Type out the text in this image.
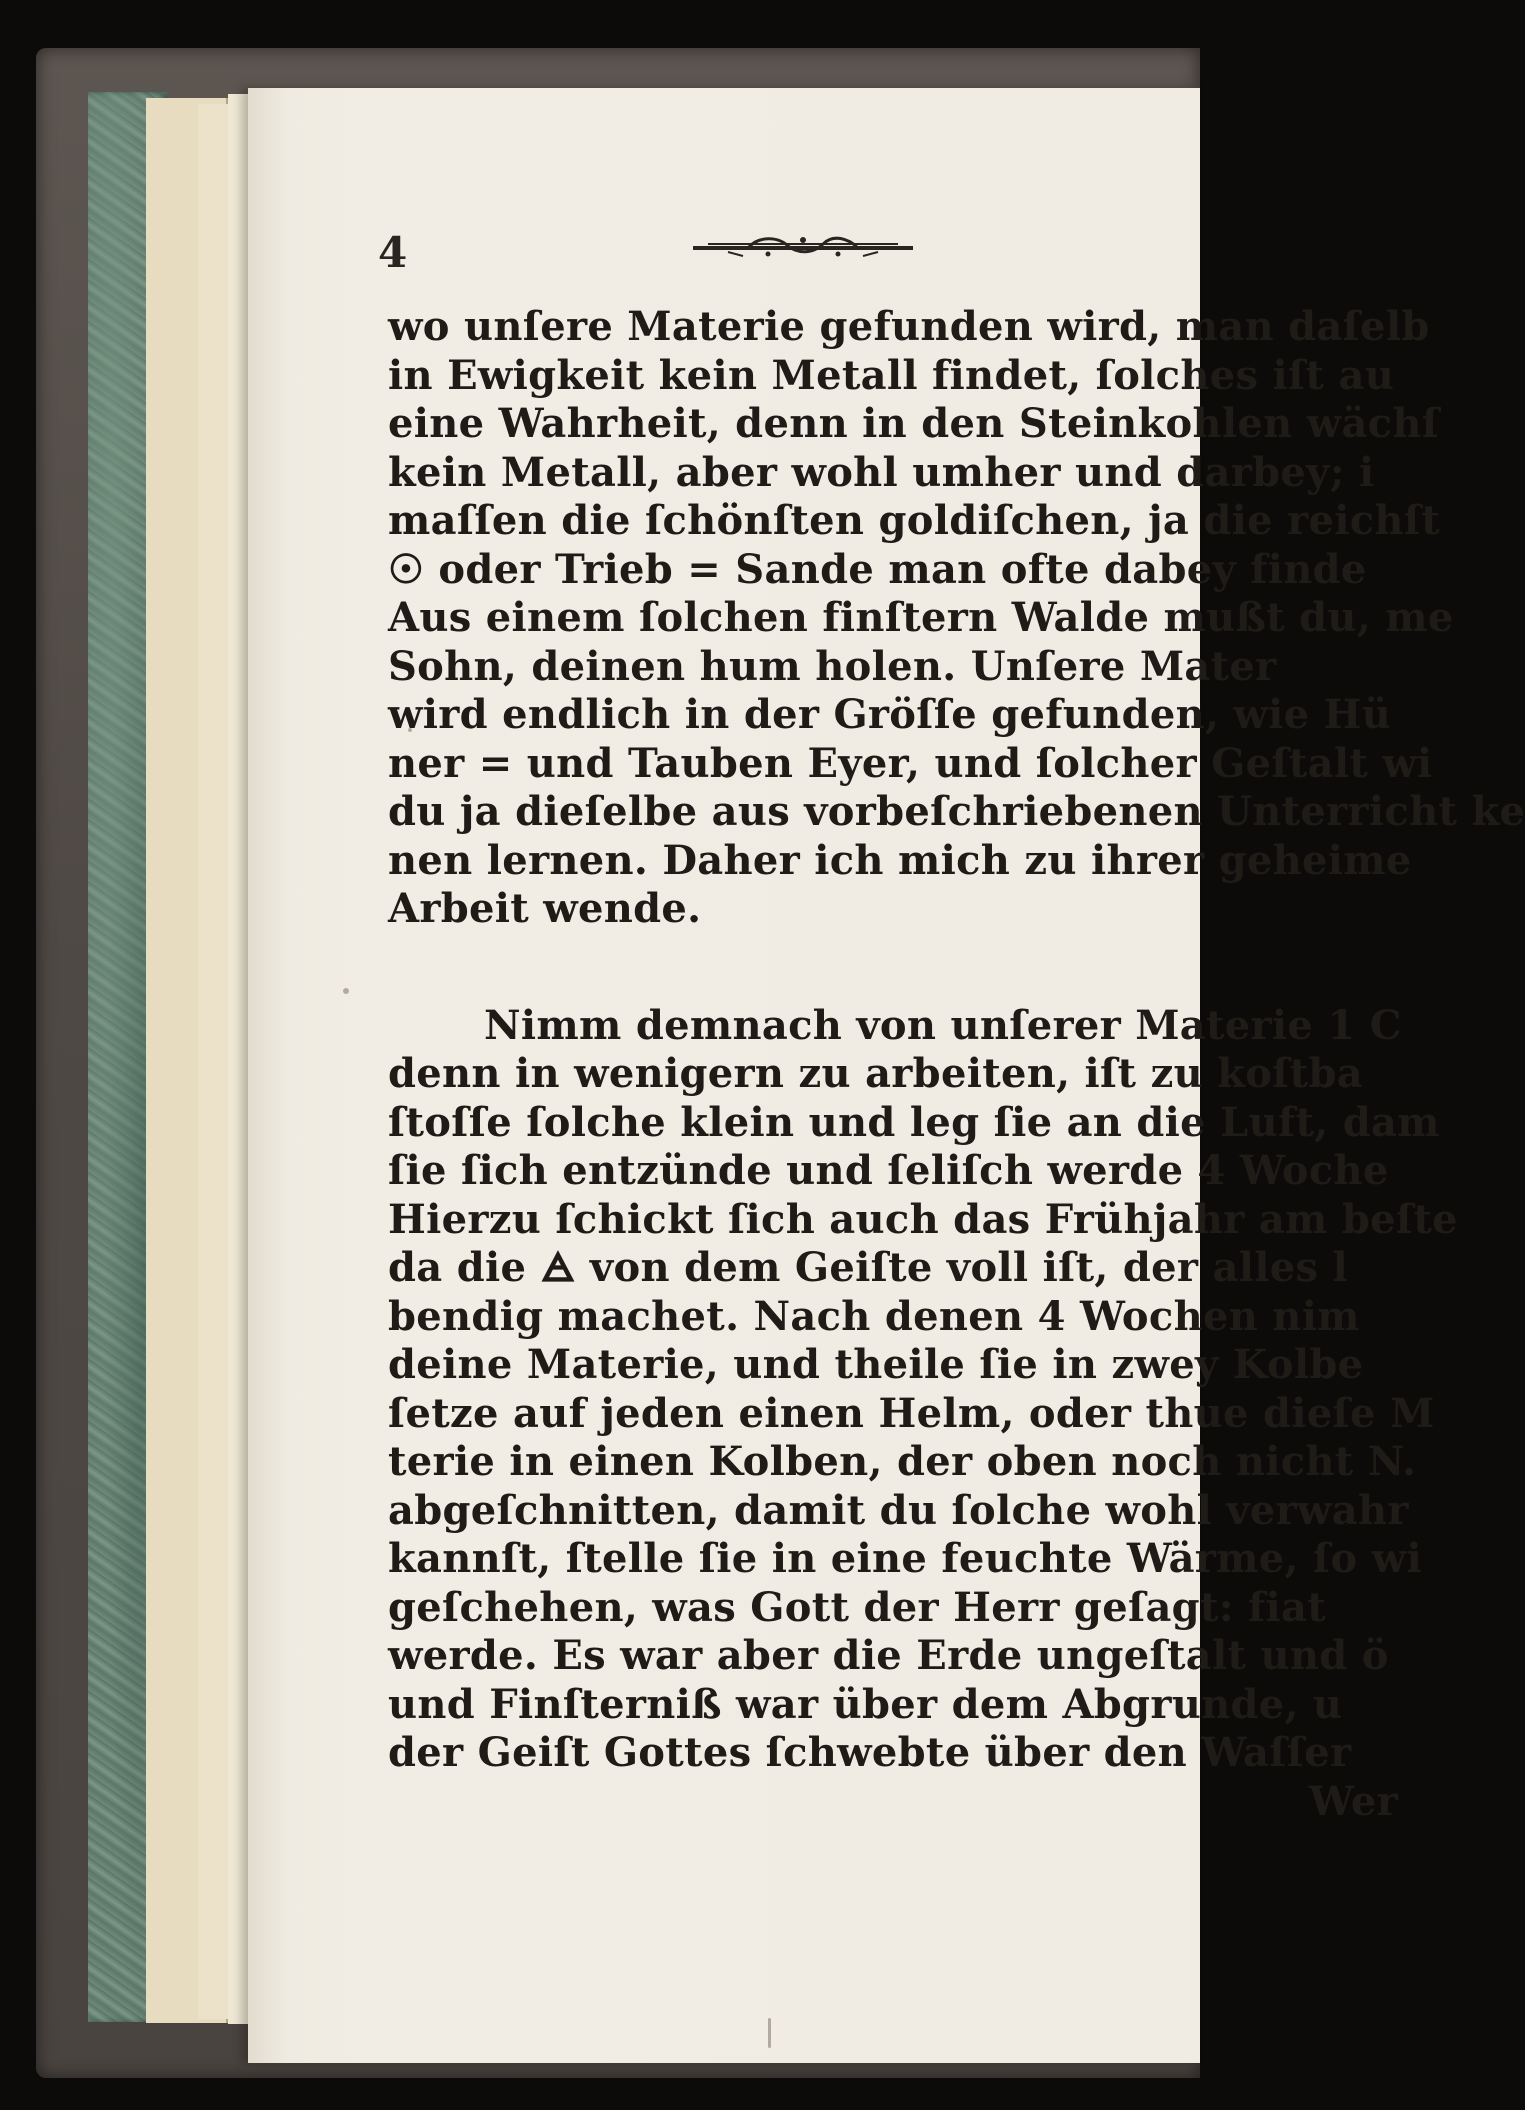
4
wo unſere Materie gefunden wird, man daſelb
in Ewigkeit kein Metall findet, ſolches iſt au
eine Wahrheit, denn in den Steinkohlen wächſ
kein Metall, aber wohl umher und darbey; i
maſſen die ſchönſten goldiſchen, ja die reichſt
☉ oder Trieb = Sande man ofte dabey finde
Aus einem ſolchen finſtern Walde mußt du, me
Sohn, deinen hum holen. Unſere Mater
wird endlich in der Gröſſe gefunden, wie Hü
ner = und Tauben Eyer, und ſolcher Geſtalt wi
du ja dieſelbe aus vorbeſchriebenen Unterricht ke
nen lernen. Daher ich mich zu ihrer geheime
Arbeit wende.
Nimm demnach von unſerer Materie 1 C
denn in wenigern zu arbeiten, iſt zu koſtba
ſtoſſe ſolche klein und leg ſie an die Luft, dam
ſie ſich entzünde und ſeliſch werde 4 Woche
Hierzu ſchickt ſich auch das Frühjahr am beſte
da die 🜁 von dem Geiſte voll iſt, der alles l
bendig machet. Nach denen 4 Wochen nim
deine Materie, und theile ſie in zwey Kolbe
ſetze auf jeden einen Helm, oder thue dieſe M
terie in einen Kolben, der oben noch nicht N.
abgeſchnitten, damit du ſolche wohl verwahr
kannſt, ſtelle ſie in eine feuchte Wärme, ſo wi
geſchehen, was Gott der Herr geſagt: fiat
werde. Es war aber die Erde ungeſtalt und ö
und Finſterniß war über dem Abgrunde, u
der Geiſt Gottes ſchwebte über den Waſſer
Wer
